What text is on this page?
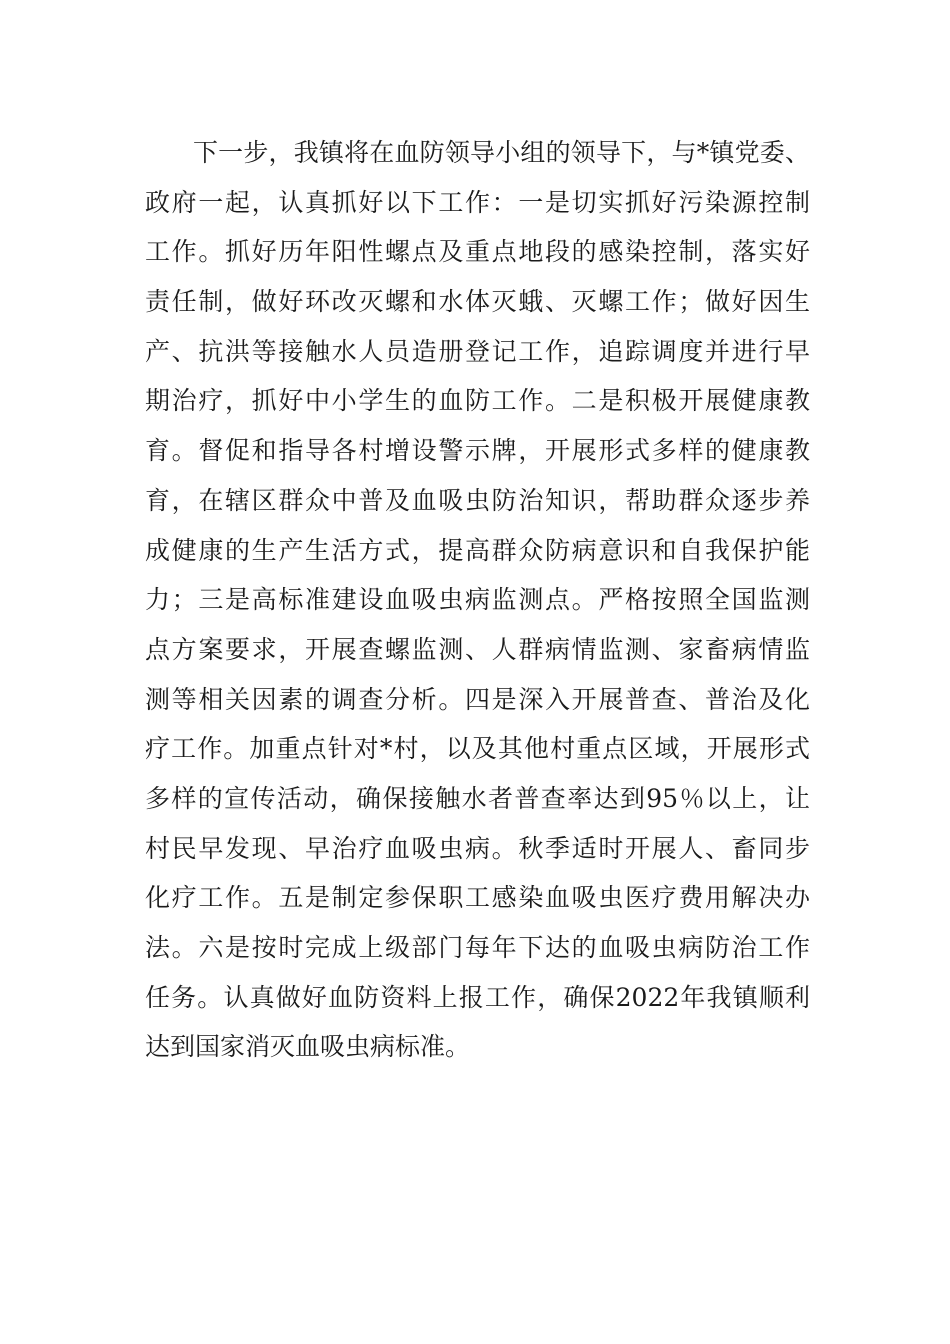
下一步，我镇将在血防领导小组的领导下，与*镇党委、
政府一起，认真抓好以下工作：一是切实抓好污染源控制
工作。抓好历年阳性螺点及重点地段的感染控制，落实好
责任制，做好环改灭螺和水体灭蛾、灭螺工作；做好因生
产、抗洪等接触水人员造册登记工作，追踪调度并进行早
期治疗，抓好中小学生的血防工作。二是积极开展健康教
育。督促和指导各村增设警示牌，开展形式多样的健康教
育，在辖区群众中普及血吸虫防治知识，帮助群众逐步养
成健康的生产生活方式，提高群众防病意识和自我保护能
力；三是高标准建设血吸虫病监测点。严格按照全国监测
点方案要求，开展查螺监测、人群病情监测、家畜病情监
测等相关因素的调查分析。四是深入开展普查、普治及化
疗工作。加重点针对*村，以及其他村重点区域，开展形式
多样的宣传活动，确保接触水者普查率达到95％以上，让
村民早发现、早治疗血吸虫病。秋季适时开展人、畜同步
化疗工作。五是制定参保职工感染血吸虫医疗费用解决办
法。六是按时完成上级部门每年下达的血吸虫病防治工作
任务。认真做好血防资料上报工作，确保2022年我镇顺利
达到国家消灭血吸虫病标准。
